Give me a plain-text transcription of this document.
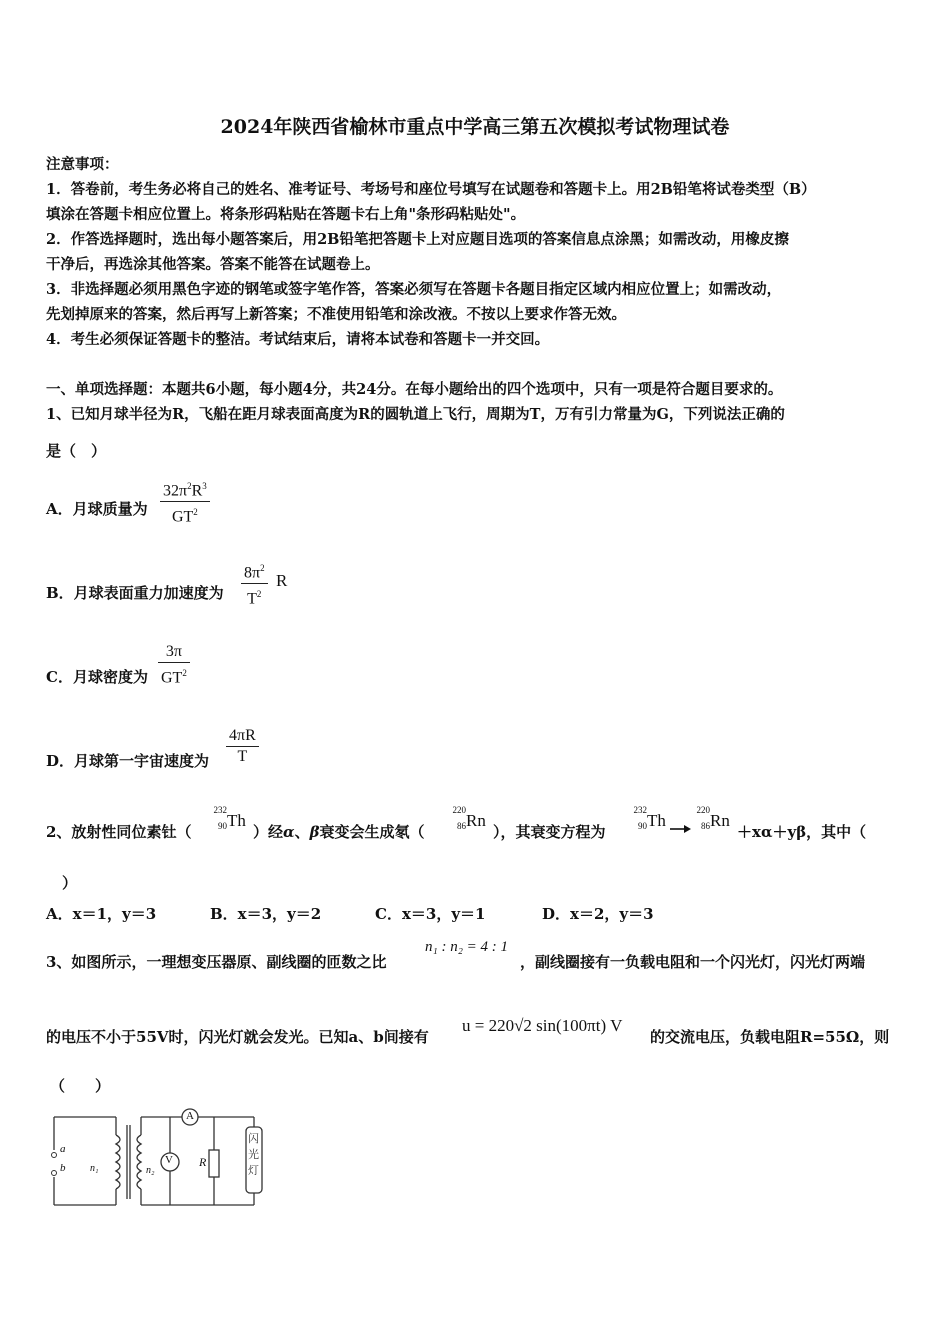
2024年陕西省榆林市重点中学高三第五次模拟考试物理试卷
注意事项：
1．答卷前，考生务必将自己的姓名、准考证号、考场号和座位号填写在试题卷和答题卡上。用2B铅笔将试卷类型（B）
填涂在答题卡相应位置上。将条形码粘贴在答题卡右上角"条形码粘贴处"。
2．作答选择题时，选出每小题答案后，用2B铅笔把答题卡上对应题目选项的答案信息点涂黑；如需改动，用橡皮擦
干净后，再选涂其他答案。答案不能答在试题卷上。
3．非选择题必须用黑色字迹的钢笔或签字笔作答，答案必须写在答题卡各题目指定区域内相应位置上；如需改动，
先划掉原来的答案，然后再写上新答案；不准使用铅笔和涂改液。不按以上要求作答无效。
4．考生必须保证答题卡的整洁。考试结束后，请将本试卷和答题卡一并交回。
一、单项选择题：本题共6小题，每小题4分，共24分。在每小题给出的四个选项中，只有一项是符合题目要求的。
1、已知月球半径为R，飞船在距月球表面高度为R的圆轨道上飞行，周期为T，万有引力常量为G，下列说法正确的
是（　）
A．月球质量为
$32\pi^2R^3$
$GT^2$
B．月球表面重力加速度为
$8\pi^2$
$T^2$
R
C．月球密度为
3π
$GT^2$
D．月球第一宇宙速度为
4πR
T
2、放射性同位素钍（
232
90 Th
）经α、β衰变会生成氡（
220
86 Rn
），其衰变方程为
232
90 Th →
220
86 Rn
＋xα＋yβ，其中（
）
A．x＝1，y＝3	B．x＝3，y＝2	C．x＝3，y＝1	D．x＝2，y＝3
3、如图所示，一理想变压器原、副线圈的匝数之比
n₁ : n₂ = 4 : 1
，副线圈接有一负载电阻和一个闪光灯，闪光灯两端
的电压不小于55V时，闪光灯就会发光。已知a、b间接有
u = 220√2 sin(100πt) V
的交流电压，负载电阻R=55Ω，则
（　　）
a
b n₁	n₂
A
V R
闪
光
灯
